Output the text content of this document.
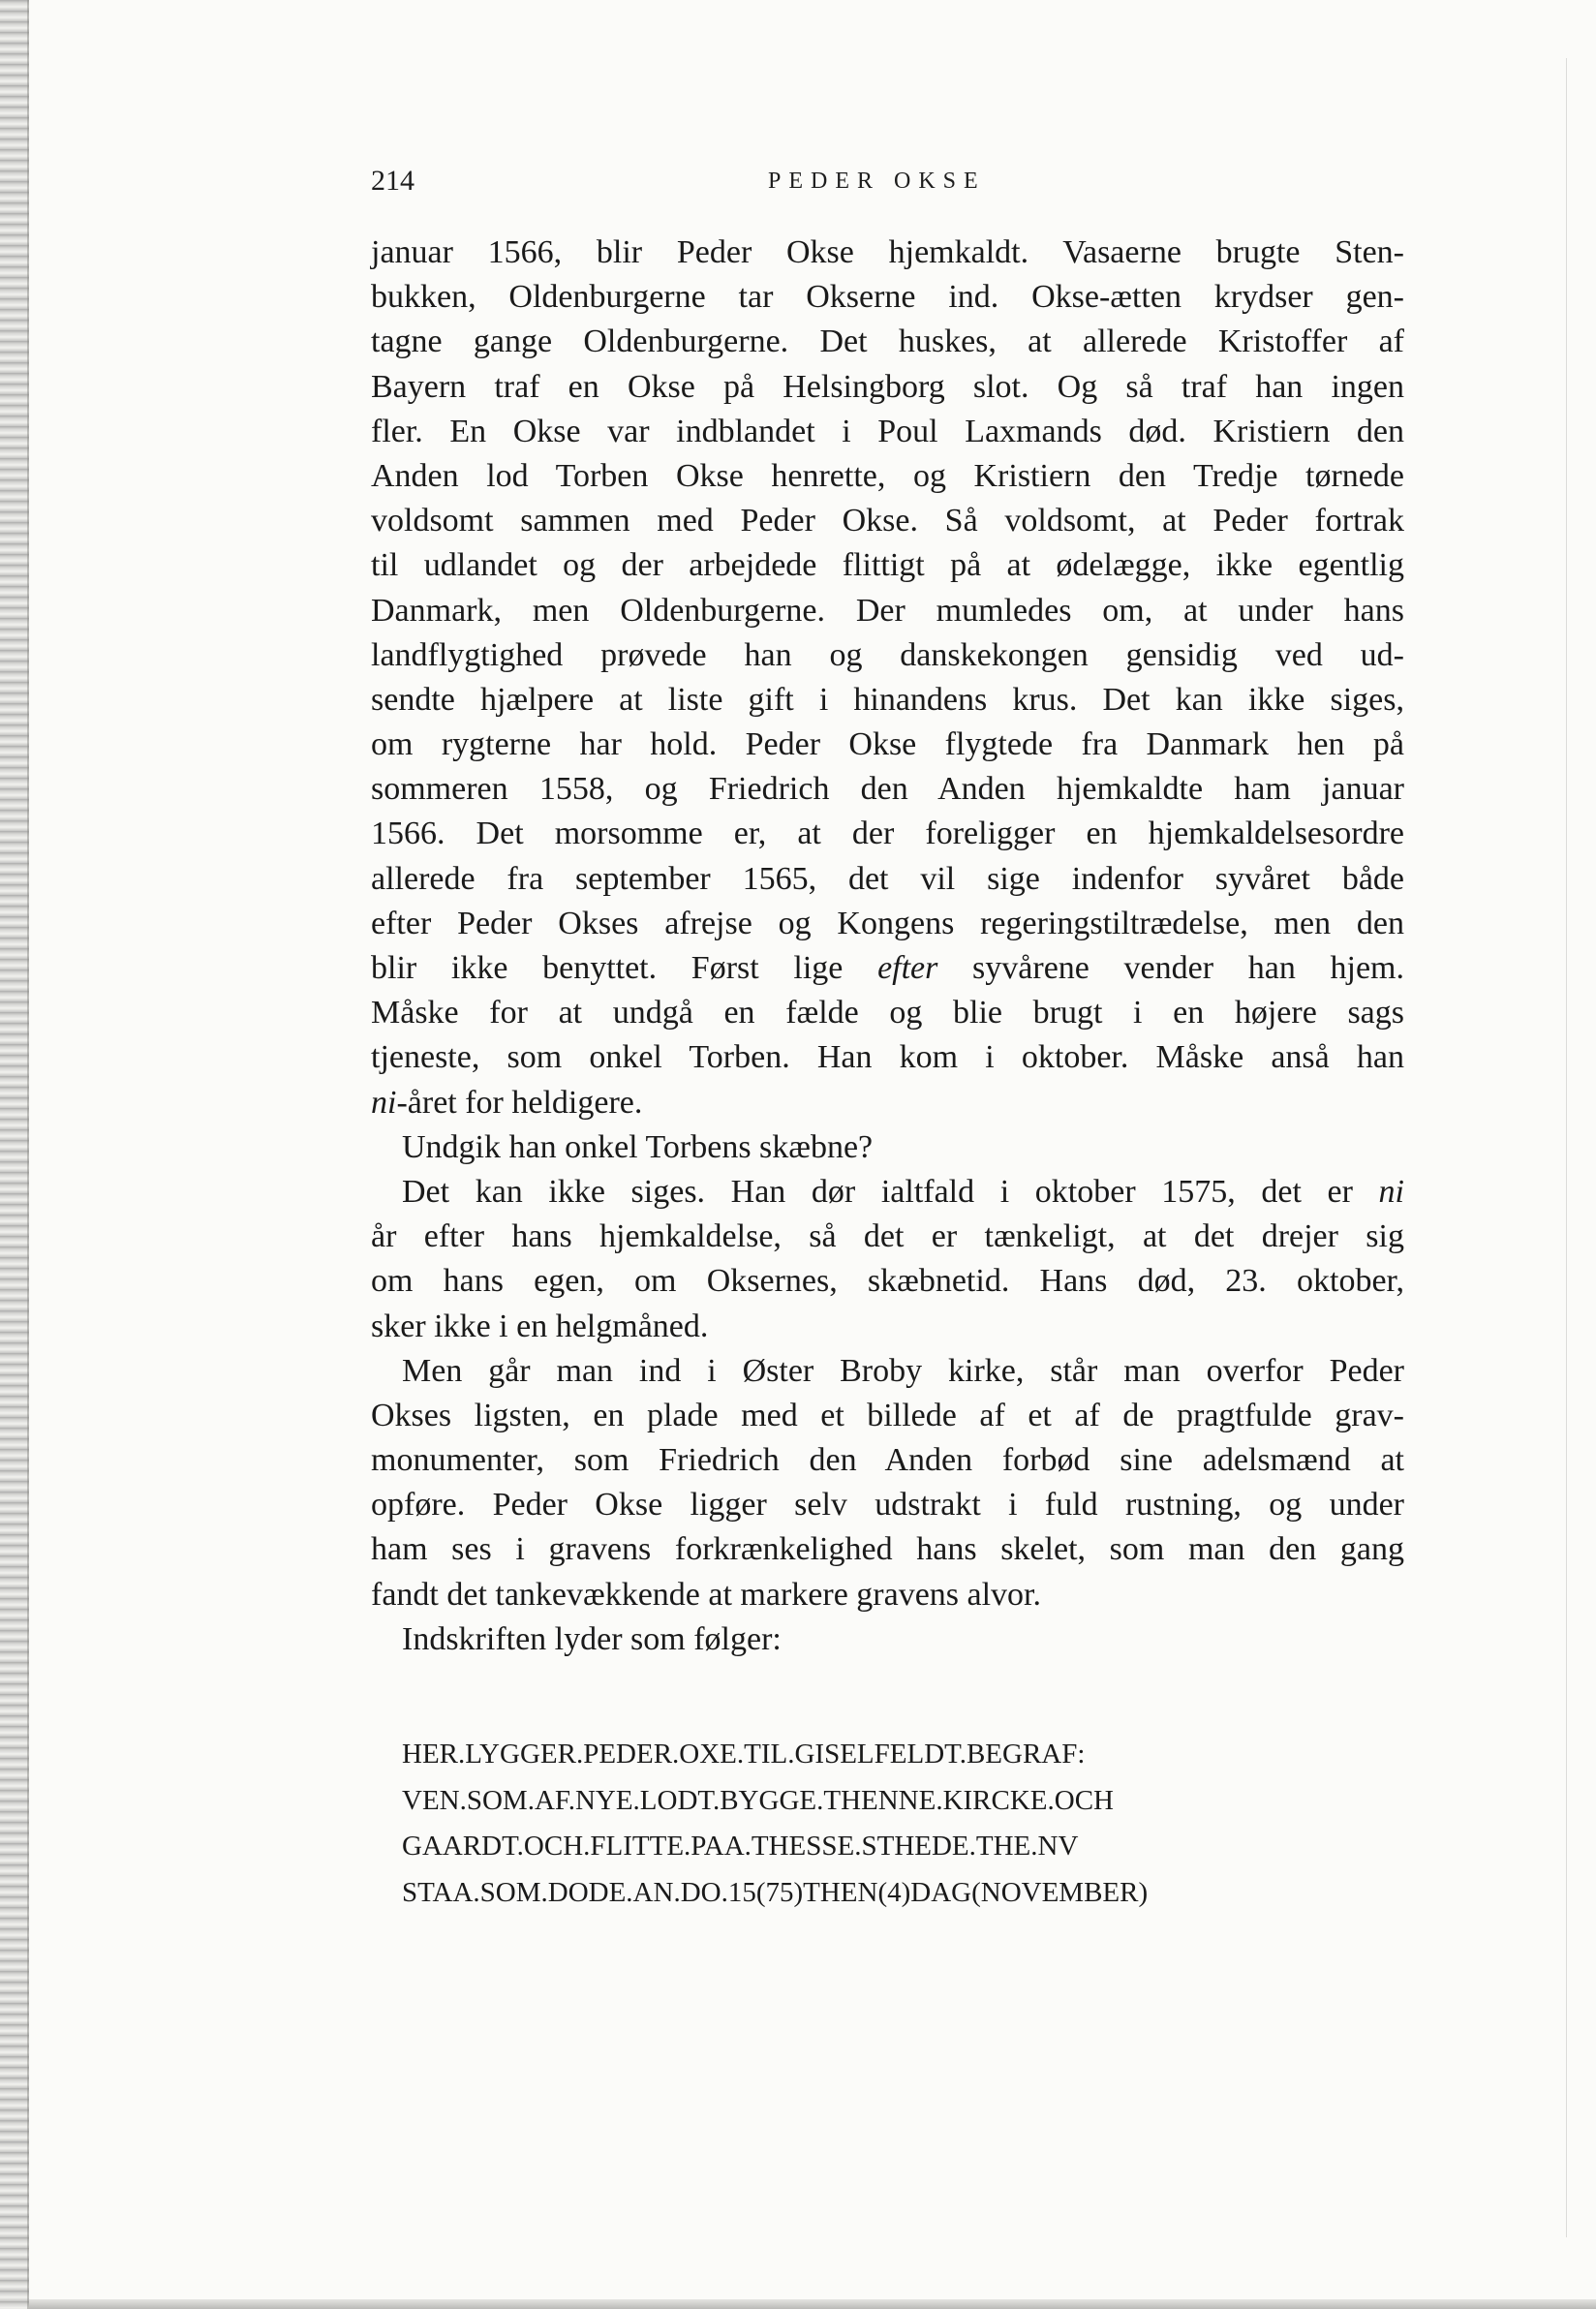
214	PEDER OKSE
januar 1566, blir Peder Okse hjemkaldt. Vasaerne brugte Sten-
bukken, Oldenburgerne tar Okserne ind. Okse-ætten krydser gen-
tagne gange Oldenburgerne. Det huskes, at allerede Kristoffer af
Bayern traf en Okse på Helsingborg slot. Og så traf han ingen
fler. En Okse var indblandet i Poul Laxmands død. Kristiern den
Anden lod Torben Okse henrette, og Kristiern den Tredje tørnede
voldsomt sammen med Peder Okse. Så voldsomt, at Peder fortrak
til udlandet og der arbejdede flittigt på at ødelægge, ikke egentlig
Danmark, men Oldenburgerne. Der mumledes om, at under hans
landflygtighed prøvede han og danskekongen gensidig ved ud-
sendte hjælpere at liste gift i hinandens krus. Det kan ikke siges,
om rygterne har hold. Peder Okse flygtede fra Danmark hen på
sommeren 1558, og Friedrich den Anden hjemkaldte ham januar
1566. Det morsomme er, at der foreligger en hjemkaldelsesordre
allerede fra september 1565, det vil sige indenfor syvåret både
efter Peder Okses afrejse og Kongens regeringstiltrædelse, men den
blir ikke benyttet. Først lige efter syvårene vender han hjem.
Måske for at undgå en fælde og blie brugt i en højere sags
tjeneste, som onkel Torben. Han kom i oktober. Måske anså han
ni-året for heldigere.
Undgik han onkel Torbens skæbne?
Det kan ikke siges. Han dør ialtfald i oktober 1575, det er ni
år efter hans hjemkaldelse, så det er tænkeligt, at det drejer sig
om hans egen, om Oksernes, skæbnetid. Hans død, 23. oktober,
sker ikke i en helgmåned.
Men går man ind i Øster Broby kirke, står man overfor Peder
Okses ligsten, en plade med et billede af et af de pragtfulde grav-
monumenter, som Friedrich den Anden forbød sine adelsmænd at
opføre. Peder Okse ligger selv udstrakt i fuld rustning, og under
ham ses i gravens forkrænkelighed hans skelet, som man den gang
fandt det tankevækkende at markere gravens alvor.
Indskriften lyder som følger:
HER.LYGGER.PEDER.OXE.TIL.GISELFELDT.BEGRAF:
VEN.SOM.AF.NYE.LODT.BYGGE.THENNE.KIRCKE.OCH
GAARDT.OCH.FLITTE.PAA.THESSE.STHEDE.THE.NV
STAA.SOM.DODE.AN.DO.15(75)THEN(4)DAG(NOVEMBER)
